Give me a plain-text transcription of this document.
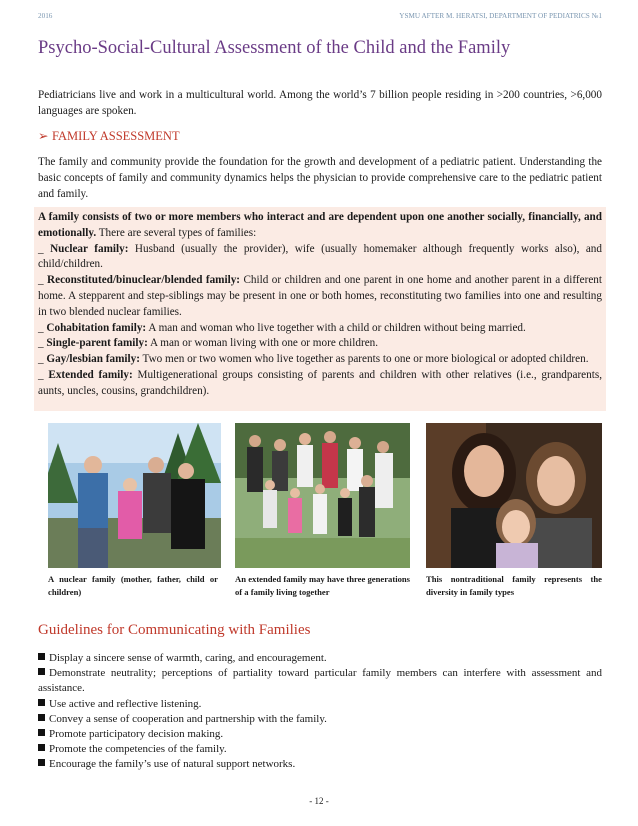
2016	YSMU AFTER M. HERATSI, DEPARTMENT OF PEDIATRICS №1
Psycho-Social-Cultural Assessment of the Child and the Family

Pediatricians live and work in a multicultural world. Among the world’s 7 billion people residing in >200 countries, >6,000 languages are spoken.

➢ FAMILY ASSESSMENT

The family and community provide the foundation for the growth and development of a pediatric patient. Understanding the basic concepts of family and community dynamics helps the physician to provide comprehensive care to the pediatric patient and family.

A family consists of two or more members who interact and are dependent upon one another socially, financially, and emotionally. There are several types of families:
_ Nuclear family: Husband (usually the provider), wife (usually homemaker although frequently works also), and child/children.
_ Reconstituted/binuclear/blended family: Child or children and one parent in one home and another parent in a different home. A stepparent and step-siblings may be present in one or both homes, reconstituting two families into one and resulting in two blended nuclear families.
_ Cohabitation family: A man and woman who live together with a child or children without being married.
_ Single-parent family: A man or woman living with one or more children.
_ Gay/lesbian family: Two men or two women who live together as parents to one or more biological or adopted children.
_ Extended family: Multigenerational groups consisting of parents and children with other relatives (i.e., grandparents, aunts, uncles, cousins, grandchildren).

A nuclear family (mother, father, child or children)
An extended family may have three generations of a family living together
This nontraditional family represents the diversity in family types
Guidelines for Communicating with Families
Display a sincere sense of warmth, caring, and encouragement.
Demonstrate neutrality; perceptions of partiality toward particular family members can interfere with assessment and assistance.
Use active and reflective listening.
Convey a sense of cooperation and partnership with the family.
Promote participatory decision making.
Promote the competencies of the family.
Encourage the family’s use of natural support networks.
- 12 -
